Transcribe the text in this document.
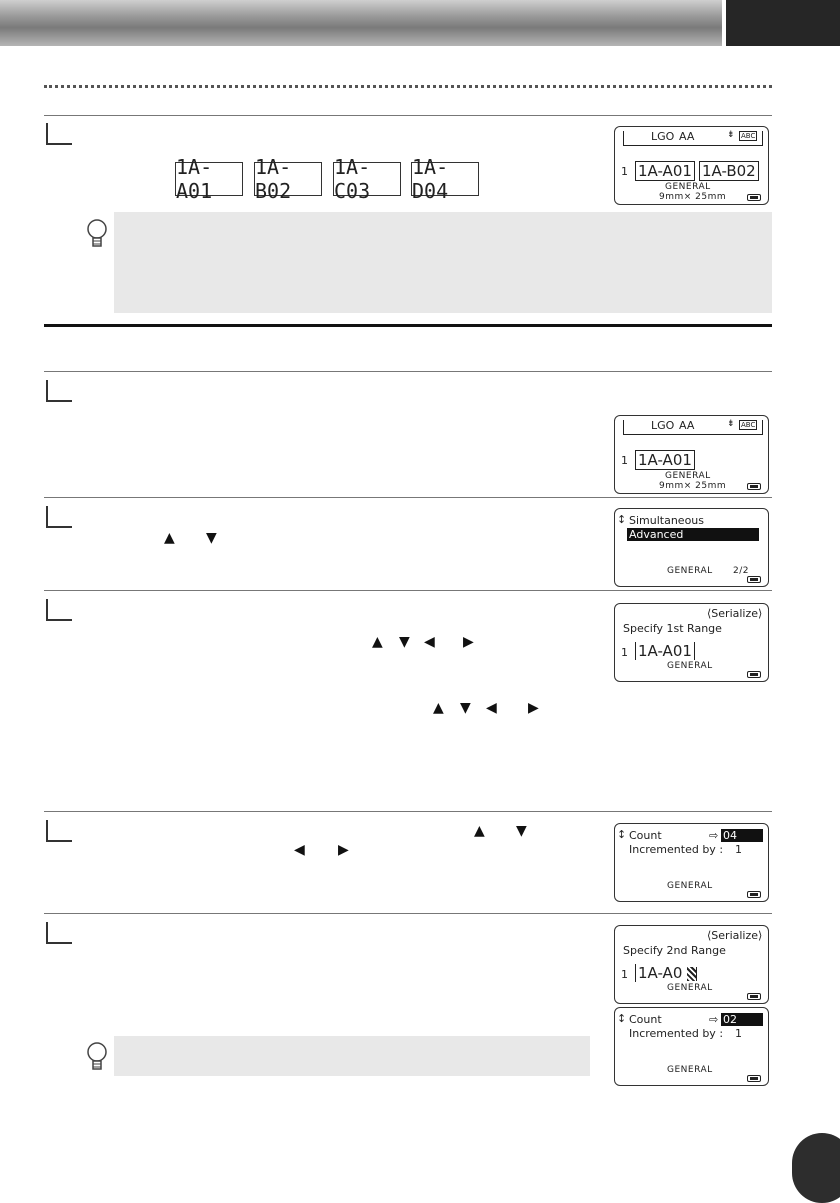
1A-A01
1A-B02
1A-C03
1A-D04
LGO AA	⇟ ABC
1 1A-A01 1A-B02
GENERAL
9mm× 25mm
LGO AA	⇟ ABC
1 1A-A01
GENERAL
9mm× 25mm
▲ ▼
↕ Simultaneous
Advanced
GENERAL 2/2
▲ ▼ ◀ ▶
▲ ▼ ◀ ▶
⟨Serialize⟩
Specify 1st Range
1 1A-A01
GENERAL
▲ ▼
◀ ▶
↕ Count	⇨ 04
Incremented by : 1
GENERAL
⟨Serialize⟩
Specify 2nd Range
1 1A-A0
GENERAL
↕ Count	⇨ 02
Incremented by : 1
GENERAL
